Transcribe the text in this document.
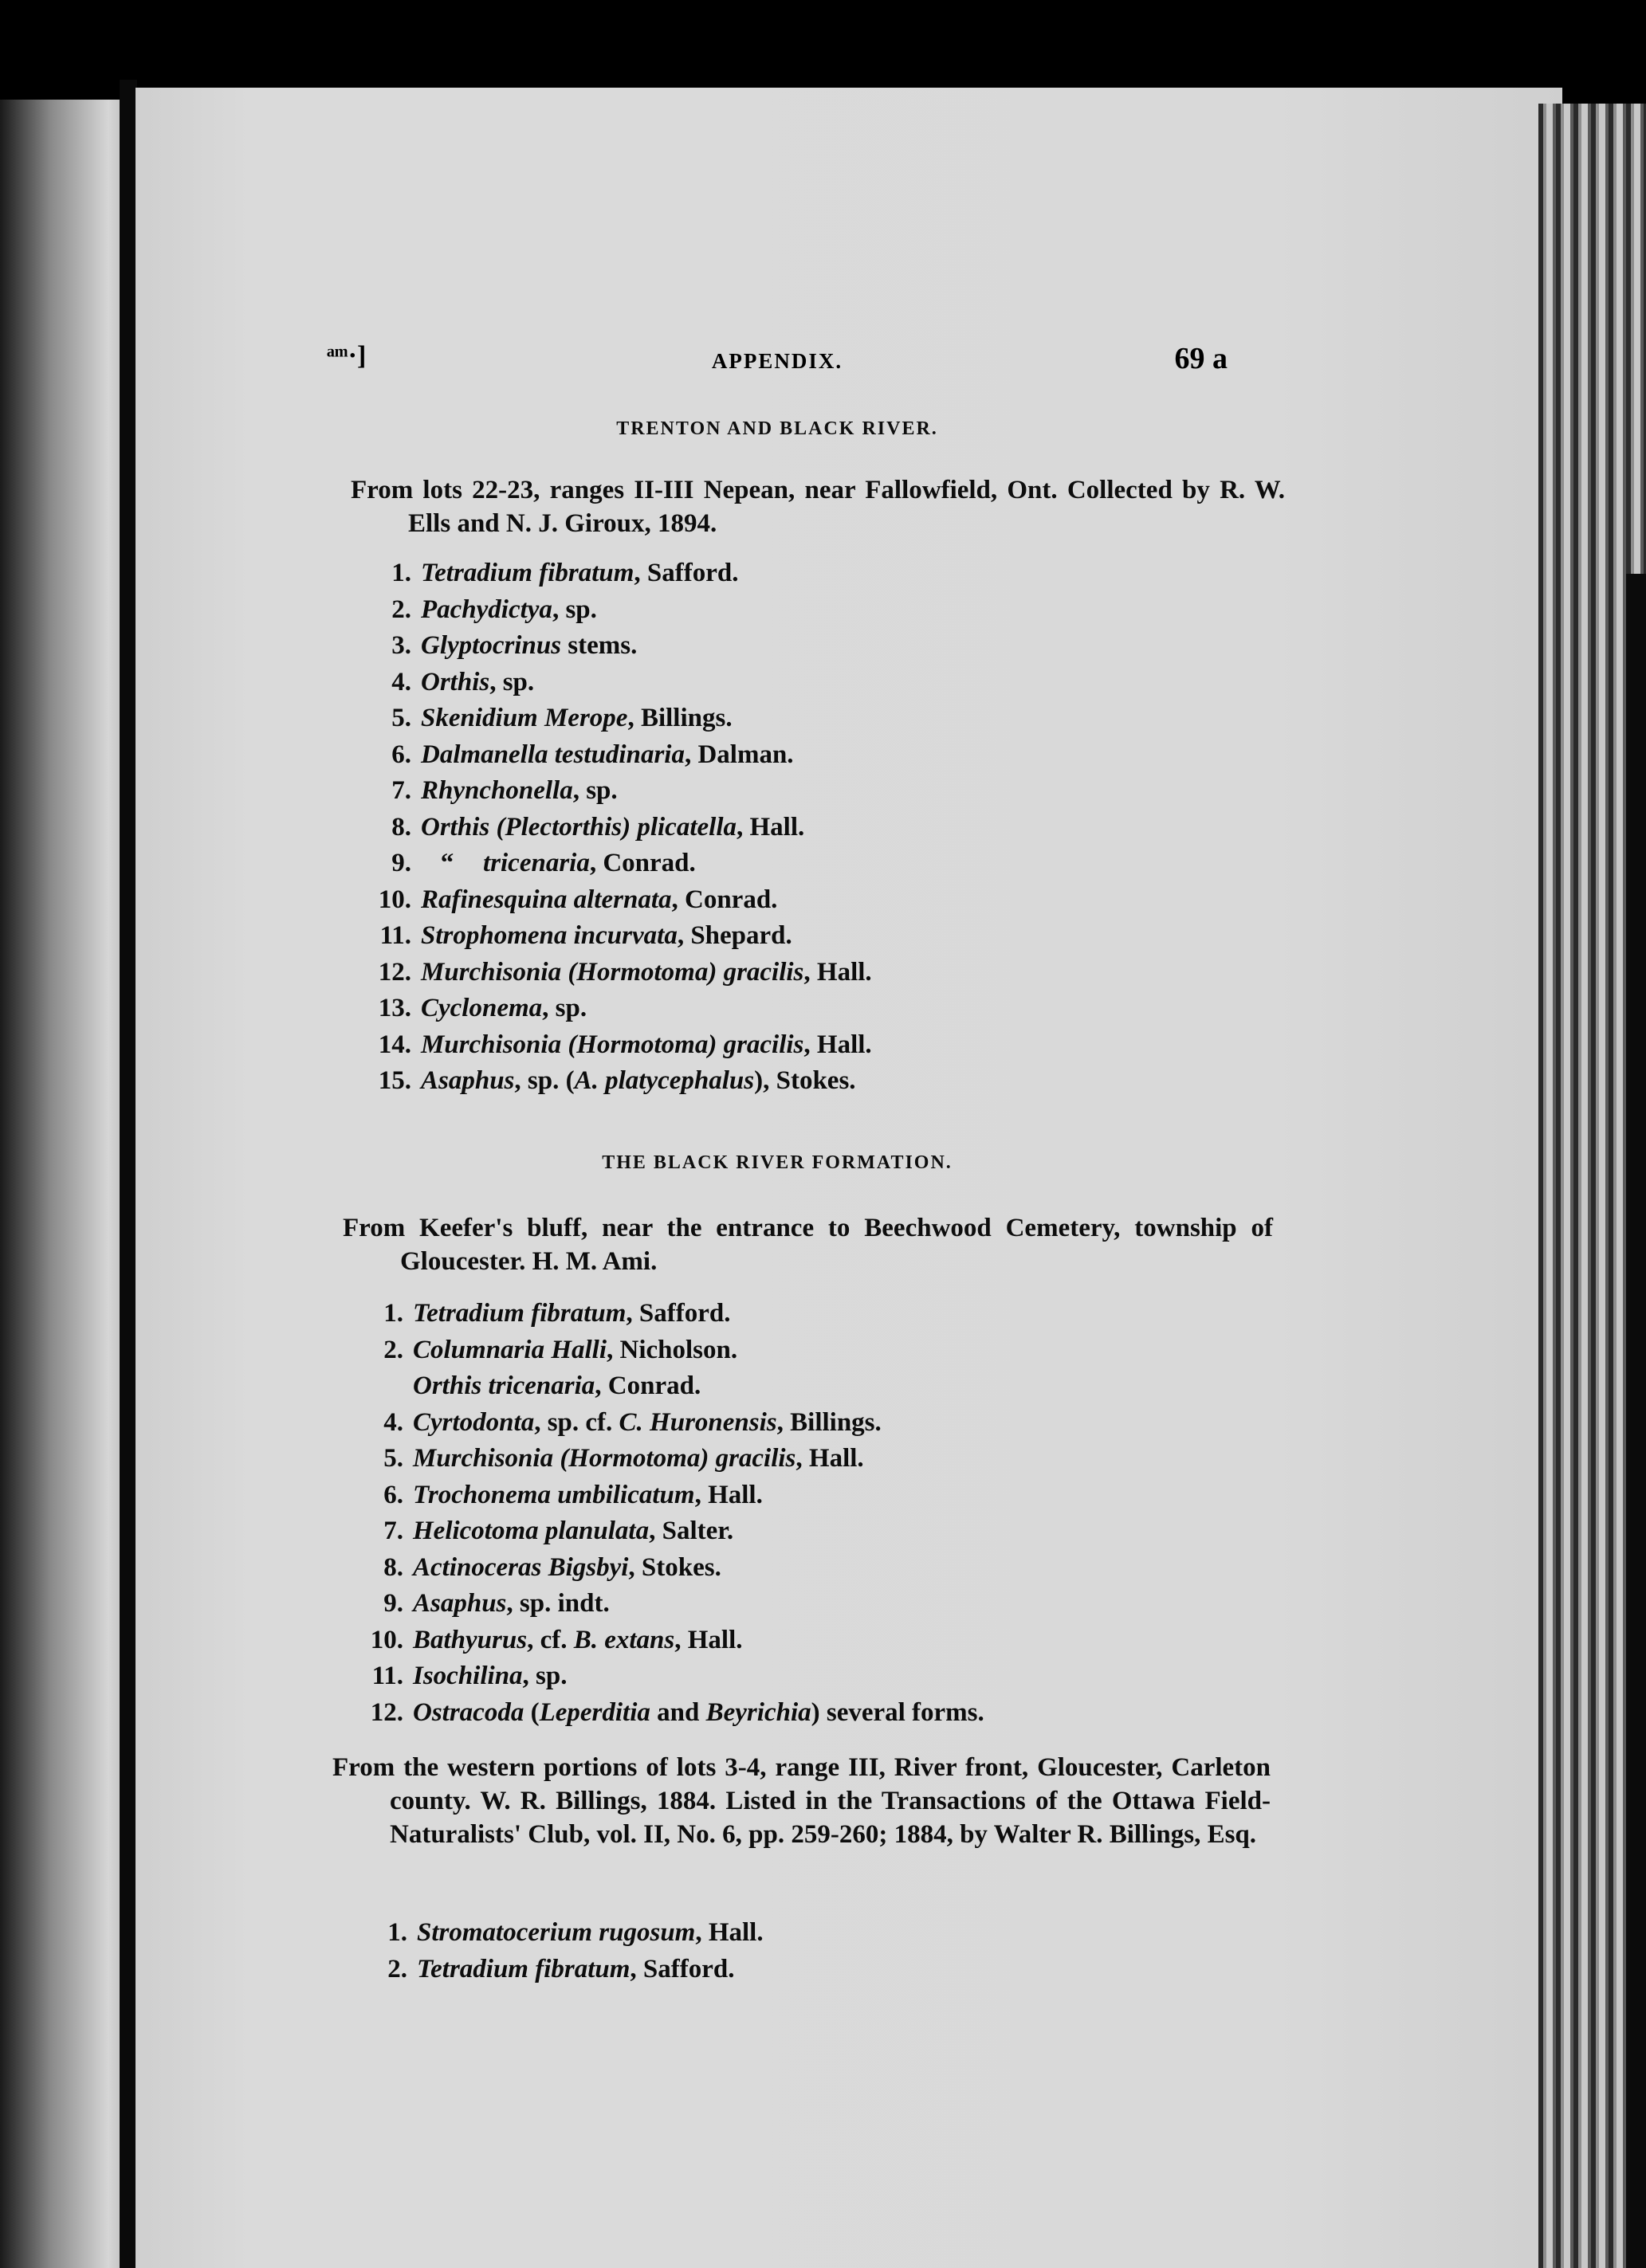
ᵃᵐ·]	APPENDIX.	69 a
TRENTON AND BLACK RIVER.
From lots 22-23, ranges II-III Nepean, near Fallowfield, Ont. Collected by R. W. Ells and N. J. Giroux, 1894.
1. Tetradium fibratum, Safford.
2. Pachydictya, sp.
3. Glyptocrinus stems.
4. Orthis, sp.
5. Skenidium Merope, Billings.
6. Dalmanella testudinaria, Dalman.
7. Rhynchonella, sp.
8. Orthis (Plectorthis) plicatella, Hall.
9. “ tricenaria, Conrad.
10. Rafinesquina alternata, Conrad.
11. Strophomena incurvata, Shepard.
12. Murchisonia (Hormotoma) gracilis, Hall.
13. Cyclonema, sp.
14. Murchisonia (Hormotoma) gracilis, Hall.
15. Asaphus, sp. (A. platycephalus), Stokes.
THE BLACK RIVER FORMATION.
From Keefer's bluff, near the entrance to Beechwood Cemetery, township of Gloucester. H. M. Ami.
1. Tetradium fibratum, Safford.
2. Columnaria Halli, Nicholson.
Orthis tricenaria, Conrad.
4. Cyrtodonta, sp. cf. C. Huronensis, Billings.
5. Murchisonia (Hormotoma) gracilis, Hall.
6. Trochonema umbilicatum, Hall.
7. Helicotoma planulata, Salter.
8. Actinoceras Bigsbyi, Stokes.
9. Asaphus, sp. indt.
10. Bathyurus, cf. B. extans, Hall.
11. Isochilina, sp.
12. Ostracoda (Leperditia and Beyrichia) several forms.
From the western portions of lots 3-4, range III, River front, Gloucester, Carleton county. W. R. Billings, 1884. Listed in the Transactions of the Ottawa Field-Naturalists' Club, vol. II, No. 6, pp. 259-260; 1884, by Walter R. Billings, Esq.
1. Stromatocerium rugosum, Hall.
2. Tetradium fibratum, Safford.
